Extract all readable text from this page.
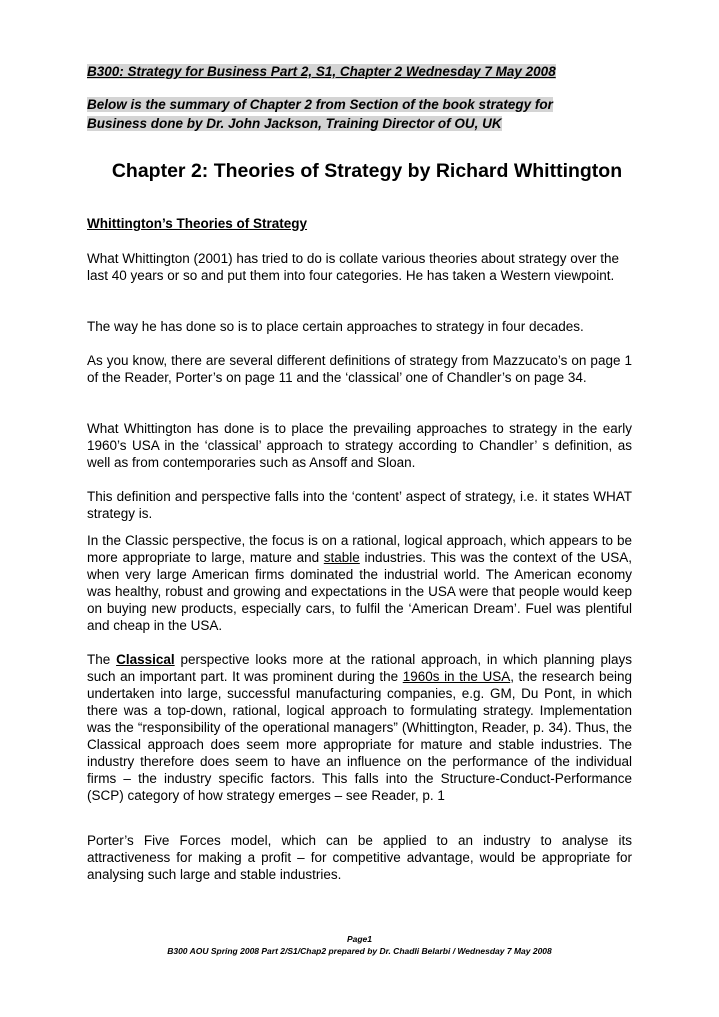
B300: Strategy for Business Part 2, S1, Chapter 2 Wednesday 7 May 2008
Below is the summary of Chapter 2 from Section of the book strategy for Business done by Dr. John Jackson, Training Director of OU, UK
Chapter 2: Theories of Strategy by Richard Whittington
Whittington’s Theories of Strategy

What Whittington (2001) has tried to do is collate various theories about strategy over the last 40 years or so and put them into four categories. He has taken a Western viewpoint.

The way he has done so is to place certain approaches to strategy in four decades.

As you know, there are several different definitions of strategy from Mazzucato’s on page 1 of the Reader, Porter’s on page 11 and the ‘classical’ one of Chandler’s on page 34.

What Whittington has done is to place the prevailing approaches to strategy in the early 1960’s USA in the ‘classical’ approach to strategy according to Chandler’ s definition, as well as from contemporaries such as Ansoff and Sloan.

This definition and perspective falls into the ‘content’ aspect of strategy, i.e. it states WHAT strategy is.

In the Classic perspective, the focus is on a rational, logical approach, which appears to be more appropriate to large, mature and stable industries. This was the context of the USA, when very large American firms dominated the industrial world. The American economy was healthy, robust and growing and expectations in the USA were that people would keep on buying new products, especially cars, to fulfil the ‘American Dream’. Fuel was plentiful and cheap in the USA.

The Classical perspective looks more at the rational approach, in which planning plays such an important part. It was prominent during the 1960s in the USA, the research being undertaken into large, successful manufacturing companies, e.g. GM, Du Pont, in which there was a top-down, rational, logical approach to formulating strategy. Implementation was the “responsibility of the operational managers” (Whittington, Reader, p. 34). Thus, the Classical approach does seem more appropriate for mature and stable industries. The industry therefore does seem to have an influence on the performance of the individual firms – the industry specific factors. This falls into the Structure-Conduct-Performance (SCP) category of how strategy emerges – see Reader, p. 1

Porter’s Five Forces model, which can be applied to an industry to analyse its attractiveness for making a profit – for competitive advantage, would be appropriate for analysing such large and stable industries.

Page1
B300 AOU Spring 2008 Part 2/S1/Chap2 prepared by Dr. Chadli Belarbi / Wednesday 7 May 2008
